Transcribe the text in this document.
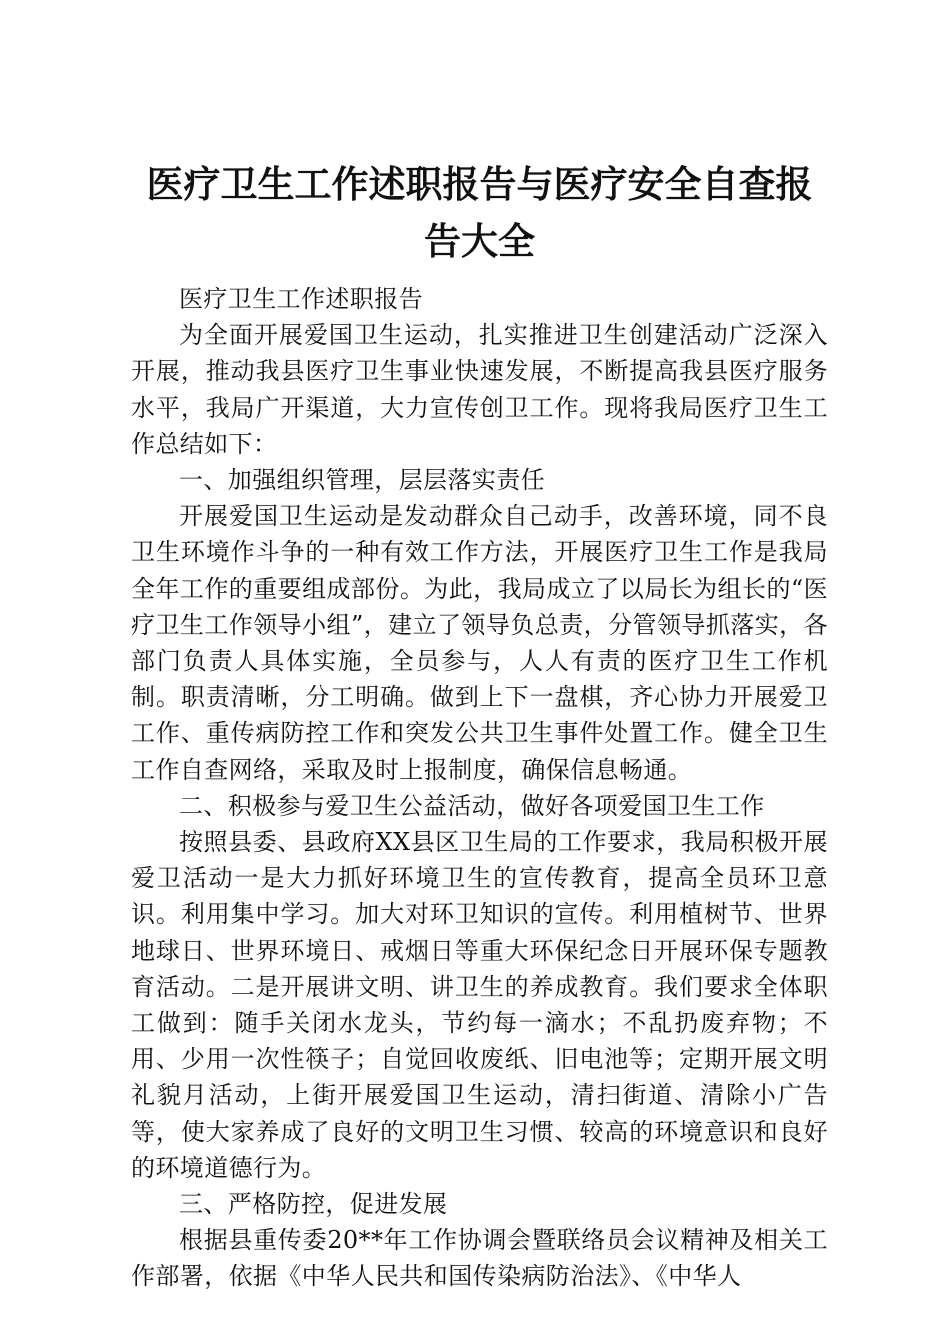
医疗卫生工作述职报告与医疗安全自查报告大全

医疗卫生工作述职报告

为全面开展爱国卫生运动，扎实推进卫生创建活动广泛深入开展，推动我县医疗卫生事业快速发展，不断提高我县医疗服务水平，我局广开渠道，大力宣传创卫工作。现将我局医疗卫生工作总结如下：

一、加强组织管理，层层落实责任

开展爱国卫生运动是发动群众自己动手，改善环境，同不良卫生环境作斗争的一种有效工作方法，开展医疗卫生工作是我局全年工作的重要组成部份。为此，我局成立了以局长为组长的“医疗卫生工作领导小组”，建立了领导负总责，分管领导抓落实，各部门负责人具体实施，全员参与，人人有责的医疗卫生工作机制。职责清晰，分工明确。做到上下一盘棋，齐心协力开展爱卫工作、重传病防控工作和突发公共卫生事件处置工作。健全卫生工作自查网络，采取及时上报制度，确保信息畅通。

二、积极参与爱卫生公益活动，做好各项爱国卫生工作

按照县委、县政府XX县区卫生局的工作要求，我局积极开展爱卫活动一是大力抓好环境卫生的宣传教育，提高全员环卫意识。利用集中学习。加大对环卫知识的宣传。利用植树节、世界地球日、世界环境日、戒烟日等重大环保纪念日开展环保专题教育活动。二是开展讲文明、讲卫生的养成教育。我们要求全体职工做到：随手关闭水龙头，节约每一滴水；不乱扔废弃物；不用、少用一次性筷子；自觉回收废纸、旧电池等；定期开展文明礼貌月活动，上街开展爱国卫生运动，清扫街道、清除小广告等，使大家养成了良好的文明卫生习惯、较高的环境意识和良好的环境道德行为。

三、严格防控，促进发展

根据县重传委20**年工作协调会暨联络员会议精神及相关工作部署，依据《中华人民共和国传染病防治法》、《中华人
